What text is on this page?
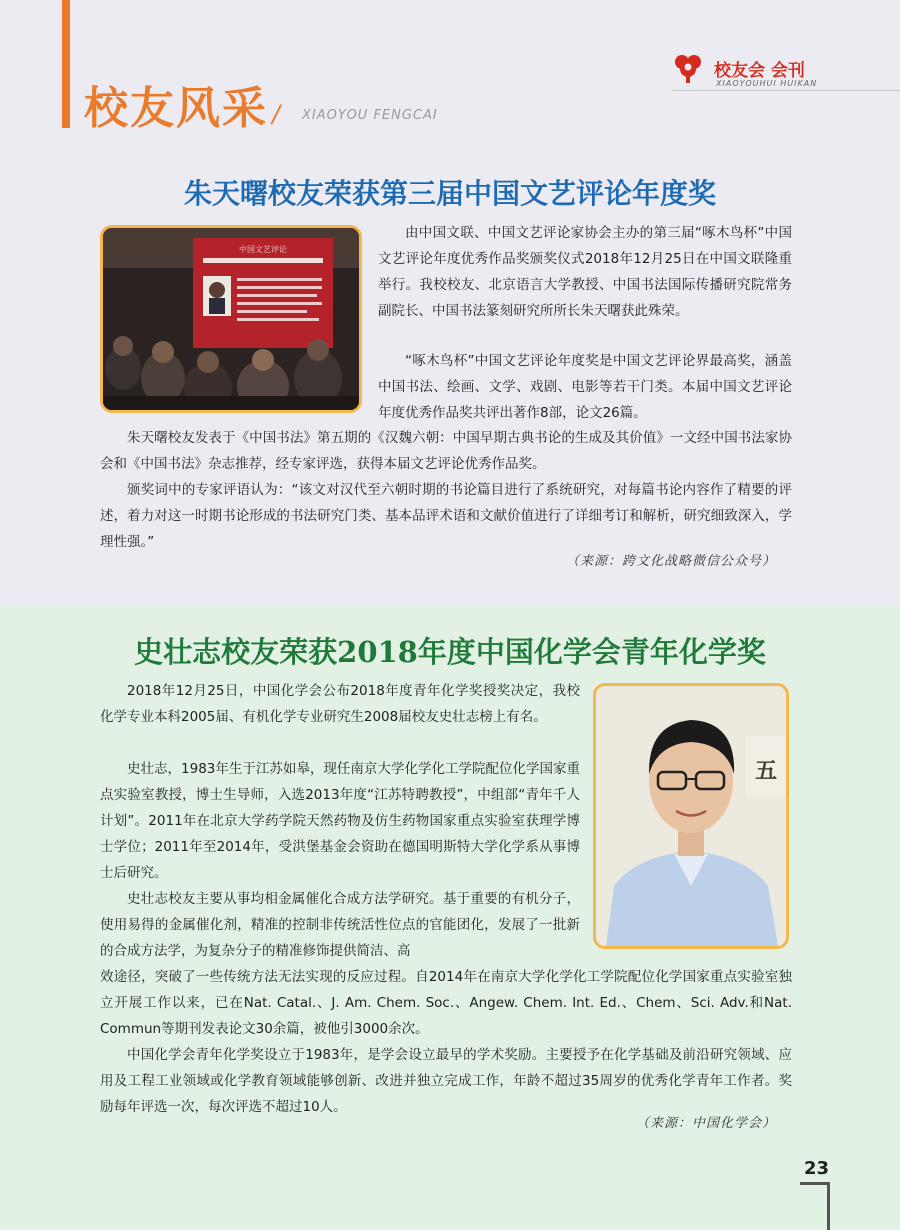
校友风采 / XIAOYOU FENGCAI
校友会 会刊
XIAOYOUHUI HUIKAN
朱天曙校友荣获第三届中国文艺评论年度奖
中国文艺评论

由中国文联、中国文艺评论家协会主办的第三届“啄木鸟杯”中国文艺评论年度优秀作品奖颁奖仪式2018年12月25日在中国文联隆重举行。我校校友、北京语言大学教授、中国书法国际传播研究院常务副院长、中国书法篆刻研究所所长朱天曙获此殊荣。

“啄木鸟杯”中国文艺评论年度奖是中国文艺评论界最高奖，涵盖中国书法、绘画、文学、戏剧、电影等若干门类。本届中国文艺评论年度优秀作品奖共评出著作8部，论文26篇。

朱天曙校友发表于《中国书法》第五期的《汉魏六朝：中国早期古典书论的生成及其价值》一文经中国书法家协会和《中国书法》杂志推荐，经专家评选，获得本届文艺评论优秀作品奖。

颁奖词中的专家评语认为：“该文对汉代至六朝时期的书论篇目进行了系统研究，对每篇书论内容作了精要的评述，着力对这一时期书论形成的书法研究门类、基本品评术语和文献价值进行了详细考订和解析，研究细致深入，学理性强。”

（来源：跨文化战略微信公众号）
史壮志校友荣获2018年度中国化学会青年化学奖
五

2018年12月25日，中国化学会公布2018年度青年化学奖授奖决定，我校化学专业本科2005届、有机化学专业研究生2008届校友史壮志榜上有名。

史壮志，1983年生于江苏如皋，现任南京大学化学化工学院配位化学国家重点实验室教授，博士生导师，入选2013年度“江苏特聘教授”，中组部“青年千人计划”。2011年在北京大学药学院天然药物及仿生药物国家重点实验室获理学博士学位；2011年至2014年，受洪堡基金会资助在德国明斯特大学化学系从事博士后研究。

史壮志校友主要从事均相金属催化合成方法学研究。基于重要的有机分子，使用易得的金属催化剂，精准的控制非传统活性位点的官能团化，发展了一批新的合成方法学，为复杂分子的精准修饰提供简洁、高

效途径，突破了一些传统方法无法实现的反应过程。自2014年在南京大学化学化工学院配位化学国家重点实验室独立开展工作以来，已在Nat. Catal.、J. Am. Chem. Soc.、Angew. Chem. Int. Ed.、Chem、Sci. Adv.和Nat. Commun等期刊发表论文30余篇，被他引3000余次。

中国化学会青年化学奖设立于1983年，是学会设立最早的学术奖励。主要授予在化学基础及前沿研究领域、应用及工程工业领域或化学教育领域能够创新、改进并独立完成工作，年龄不超过35周岁的优秀化学青年工作者。奖励每年评选一次，每次评选不超过10人。

（来源：中国化学会）
23
